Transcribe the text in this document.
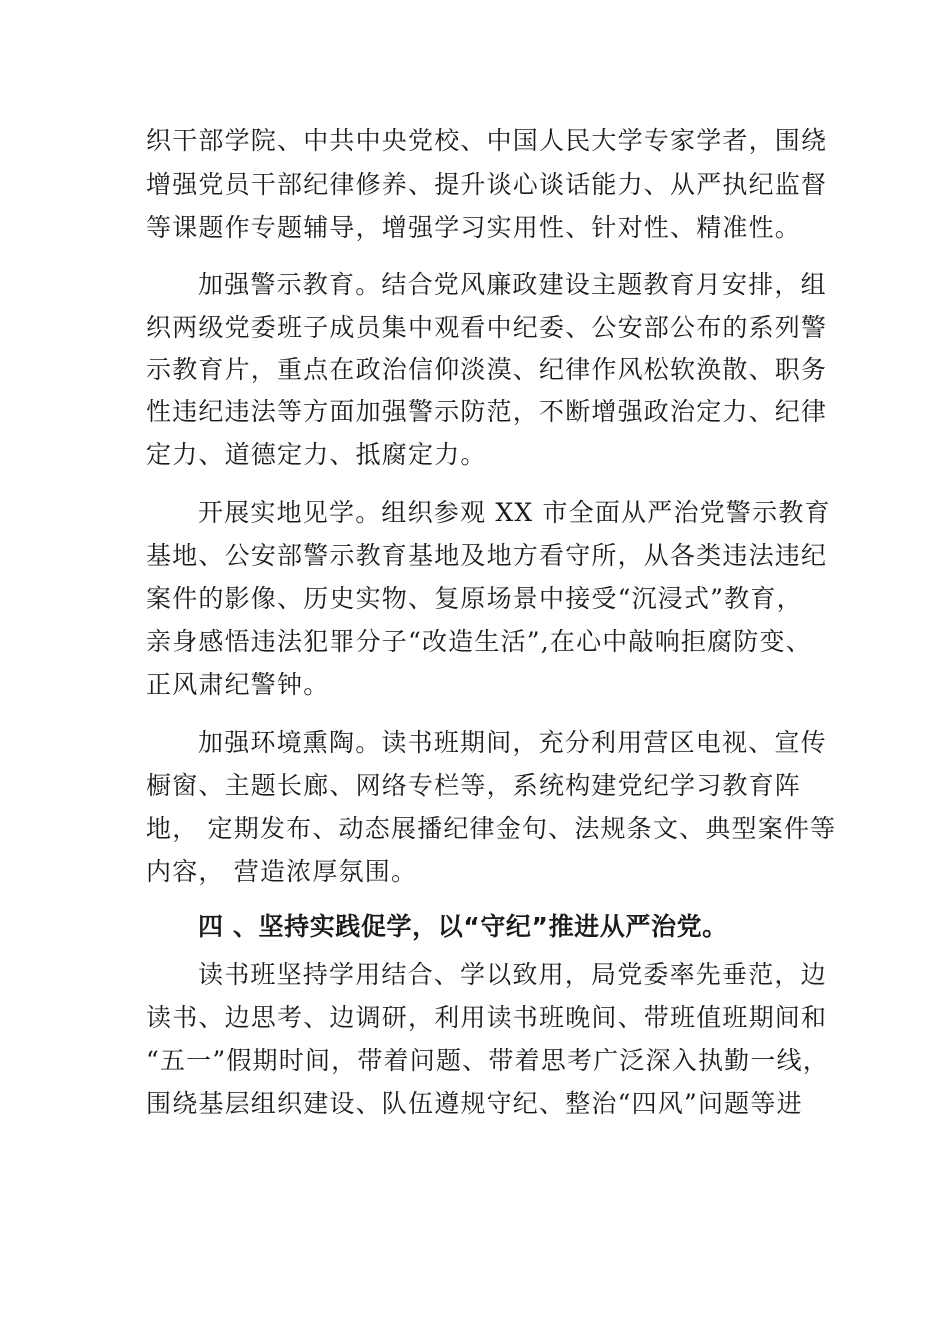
织干部学院、中共中央党校、中国人民大学专家学者，围绕
增强党员干部纪律修养、提升谈心谈话能力、从严执纪监督
等课题作专题辅导，增强学习实用性、针对性、精准性。
加强警示教育。结合党风廉政建设主题教育月安排，组
织两级党委班子成员集中观看中纪委、公安部公布的系列警
示教育片，重点在政治信仰淡漠、纪律作风松软涣散、职务
性违纪违法等方面加强警示防范，不断增强政治定力、纪律
定力、道德定力、抵腐定力。
开展实地见学。组织参观 XX 市全面从严治党警示教育
基地、公安部警示教育基地及地方看守所，从各类违法违纪
案件的影像、历史实物、复原场景中接受“沉浸式”教育，
亲身感悟违法犯罪分子“改造生活”,在心中敲响拒腐防变、
正风肃纪警钟。
加强环境熏陶。读书班期间，充分利用营区电视、宣传
橱窗、主题长廊、网络专栏等，系统构建党纪学习教育阵
地， 定期发布、动态展播纪律金句、法规条文、典型案件等
内容， 营造浓厚氛围。
四 、坚持实践促学，以“守纪”推进从严治党。
读书班坚持学用结合、学以致用，局党委率先垂范，边
读书、边思考、边调研，利用读书班晚间、带班值班期间和
“五一”假期时间，带着问题、带着思考广泛深入执勤一线，
围绕基层组织建设、队伍遵规守纪、整治“四风”问题等进
